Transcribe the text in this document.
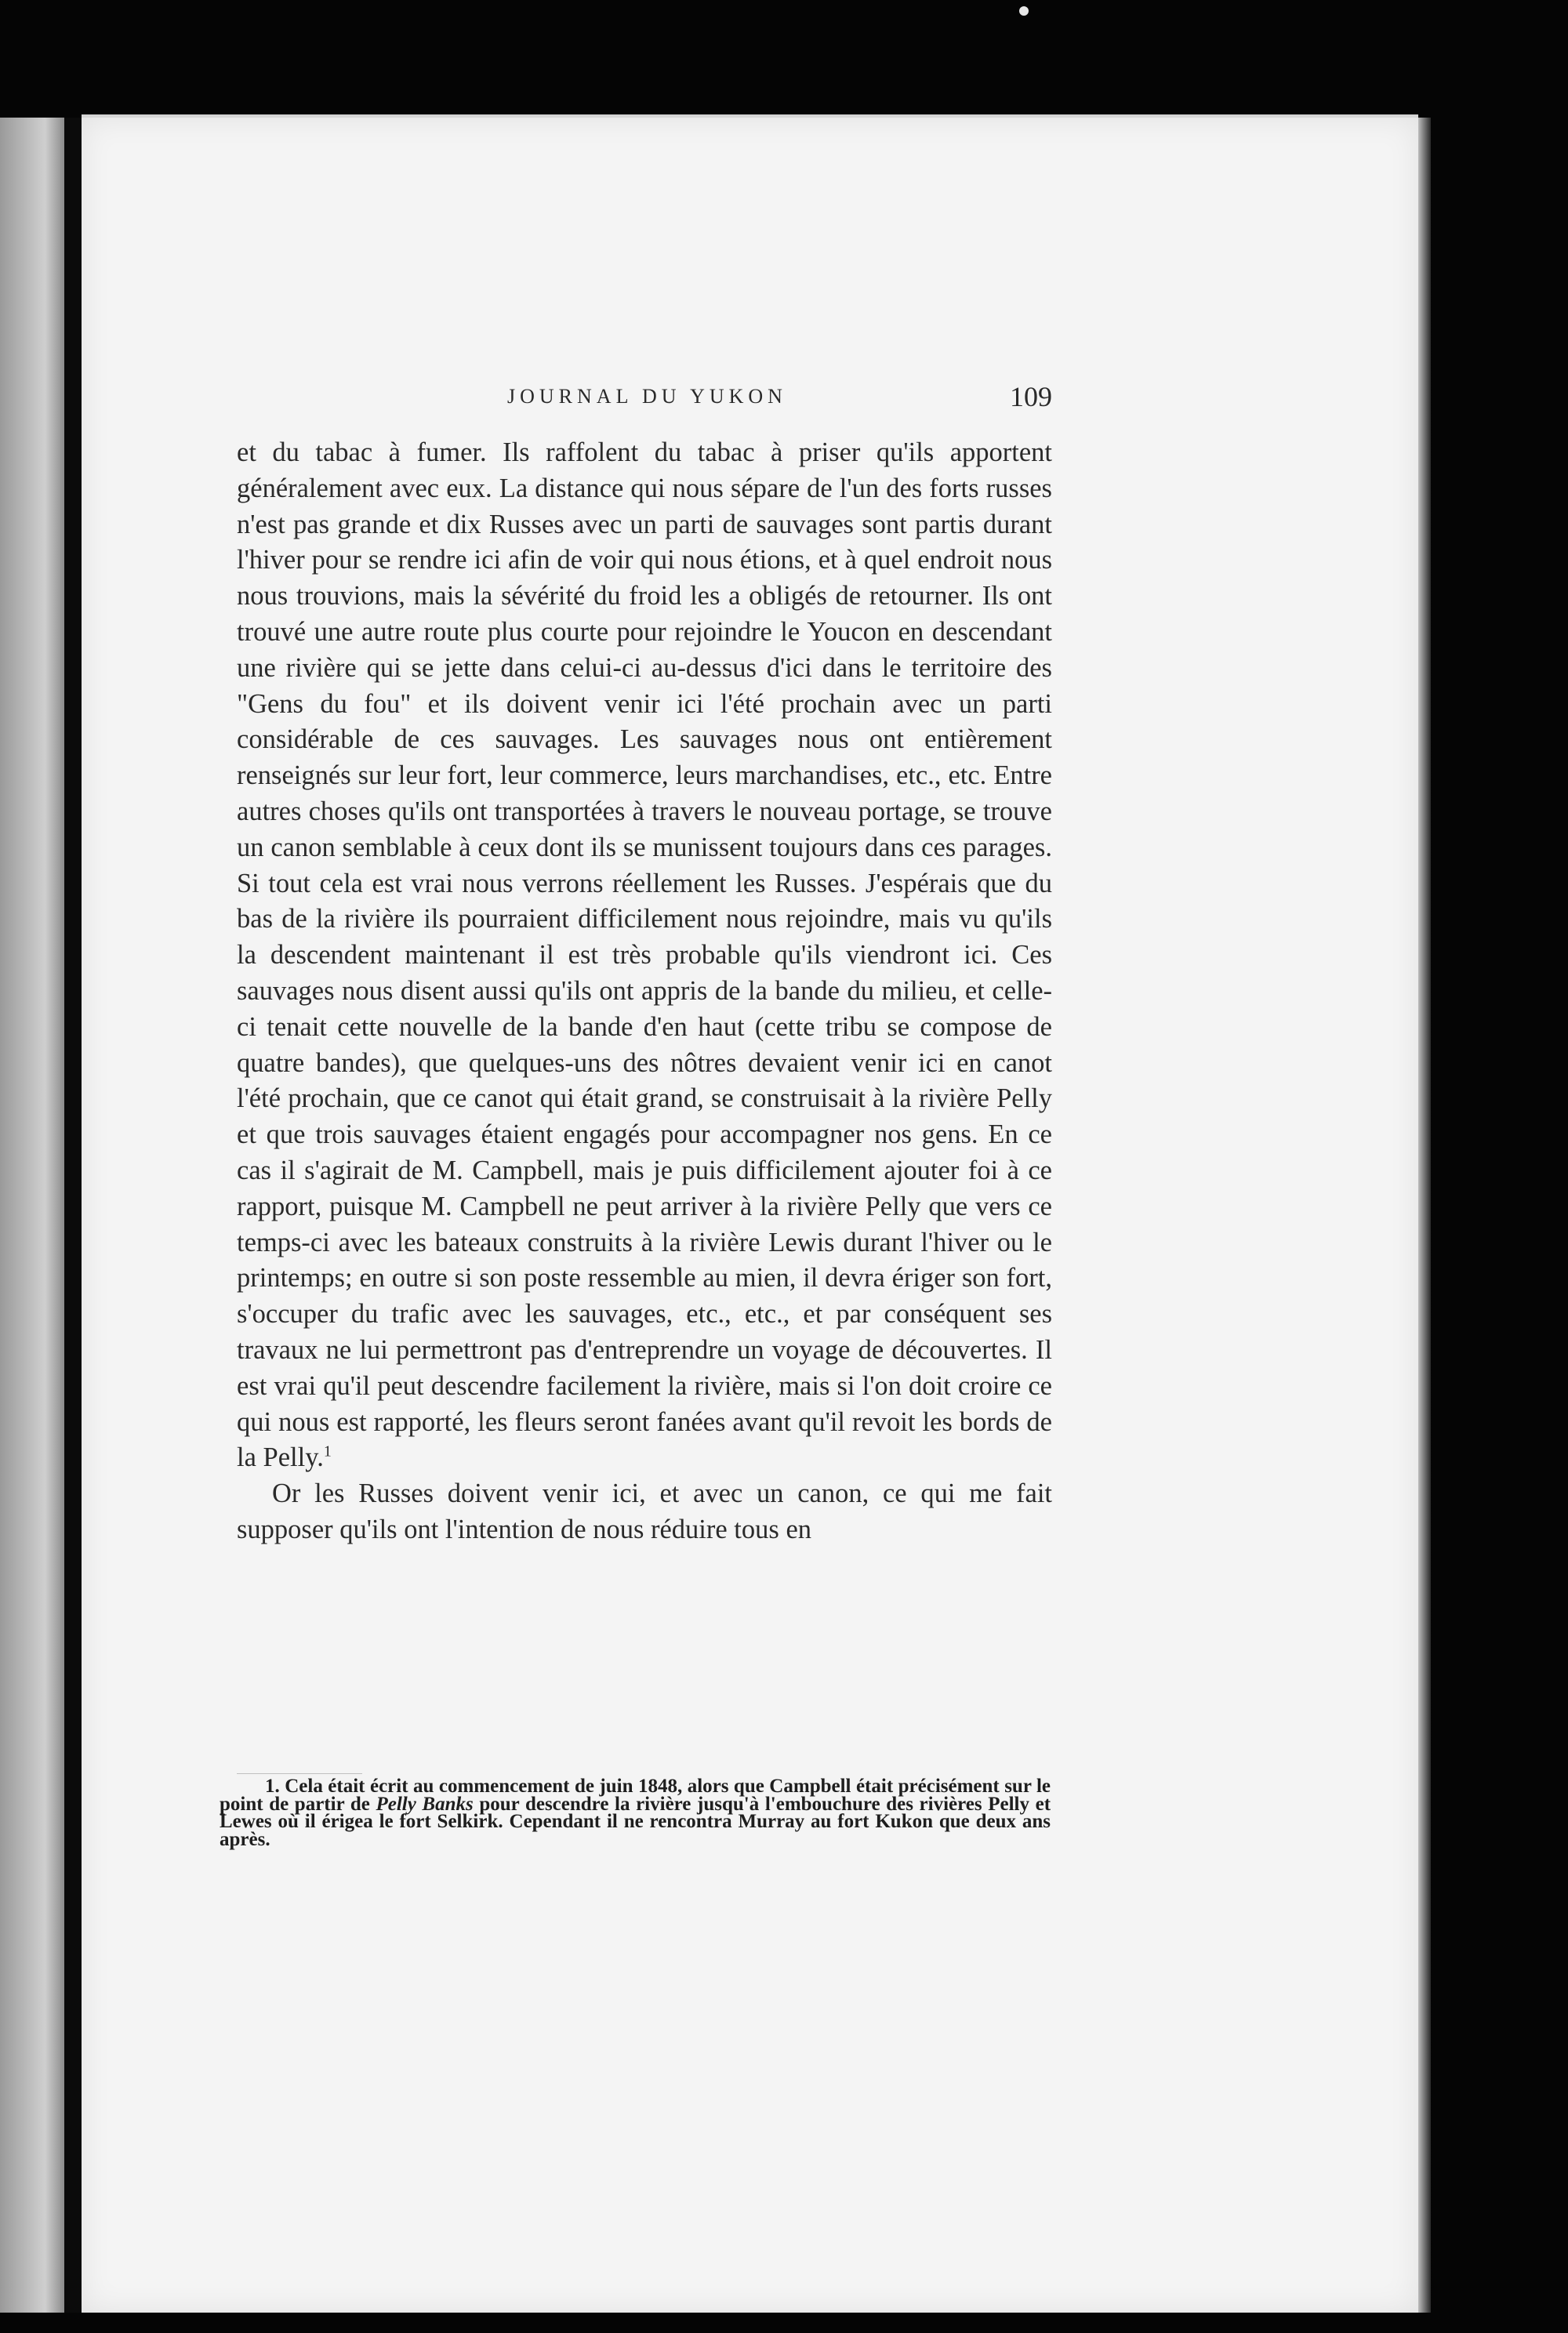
JOURNAL DU YUKON	109

et du tabac à fumer. Ils raffolent du tabac à priser qu'ils apportent généralement avec eux. La distance qui nous sépare de l'un des forts russes n'est pas grande et dix Russes avec un parti de sauvages sont partis durant l'hiver pour se rendre ici afin de voir qui nous étions, et à quel endroit nous nous trouvions, mais la sévérité du froid les a obligés de retourner. Ils ont trouvé une autre route plus courte pour rejoindre le Youcon en descendant une rivière qui se jette dans celui-ci au-dessus d'ici dans le territoire des "Gens du fou" et ils doivent venir ici l'été prochain avec un parti considérable de ces sauvages. Les sauvages nous ont entièrement renseignés sur leur fort, leur commerce, leurs marchandises, etc., etc. Entre autres choses qu'ils ont transportées à travers le nouveau portage, se trouve un canon semblable à ceux dont ils se munissent toujours dans ces parages. Si tout cela est vrai nous verrons réellement les Russes. J'espérais que du bas de la rivière ils pourraient difficilement nous rejoindre, mais vu qu'ils la descendent maintenant il est très probable qu'ils viendront ici. Ces sauvages nous disent aussi qu'ils ont appris de la bande du milieu, et celle-ci tenait cette nouvelle de la bande d'en haut (cette tribu se compose de quatre bandes), que quelques-uns des nôtres devaient venir ici en canot l'été prochain, que ce canot qui était grand, se construisait à la rivière Pelly et que trois sauvages étaient engagés pour accompagner nos gens. En ce cas il s'agirait de M. Campbell, mais je puis difficilement ajouter foi à ce rapport, puisque M. Campbell ne peut arriver à la rivière Pelly que vers ce temps-ci avec les bateaux construits à la rivière Lewis durant l'hiver ou le printemps; en outre si son poste ressemble au mien, il devra ériger son fort, s'occuper du trafic avec les sauvages, etc., etc., et par conséquent ses travaux ne lui permettront pas d'entreprendre un voyage de découvertes. Il est vrai qu'il peut descendre facilement la rivière, mais si l'on doit croire ce qui nous est rapporté, les fleurs seront fanées avant qu'il revoit les bords de la Pelly.$^1$

Or les Russes doivent venir ici, et avec un canon, ce qui me fait supposer qu'ils ont l'intention de nous réduire tous en

1. Cela était écrit au commencement de juin 1848, alors que Campbell était précisément sur le point de partir de Pelly Banks pour descendre la rivière jusqu'à l'embouchure des rivières Pelly et Lewes où il érigea le fort Selkirk. Cependant il ne rencontra Murray au fort Kukon que deux ans après.
